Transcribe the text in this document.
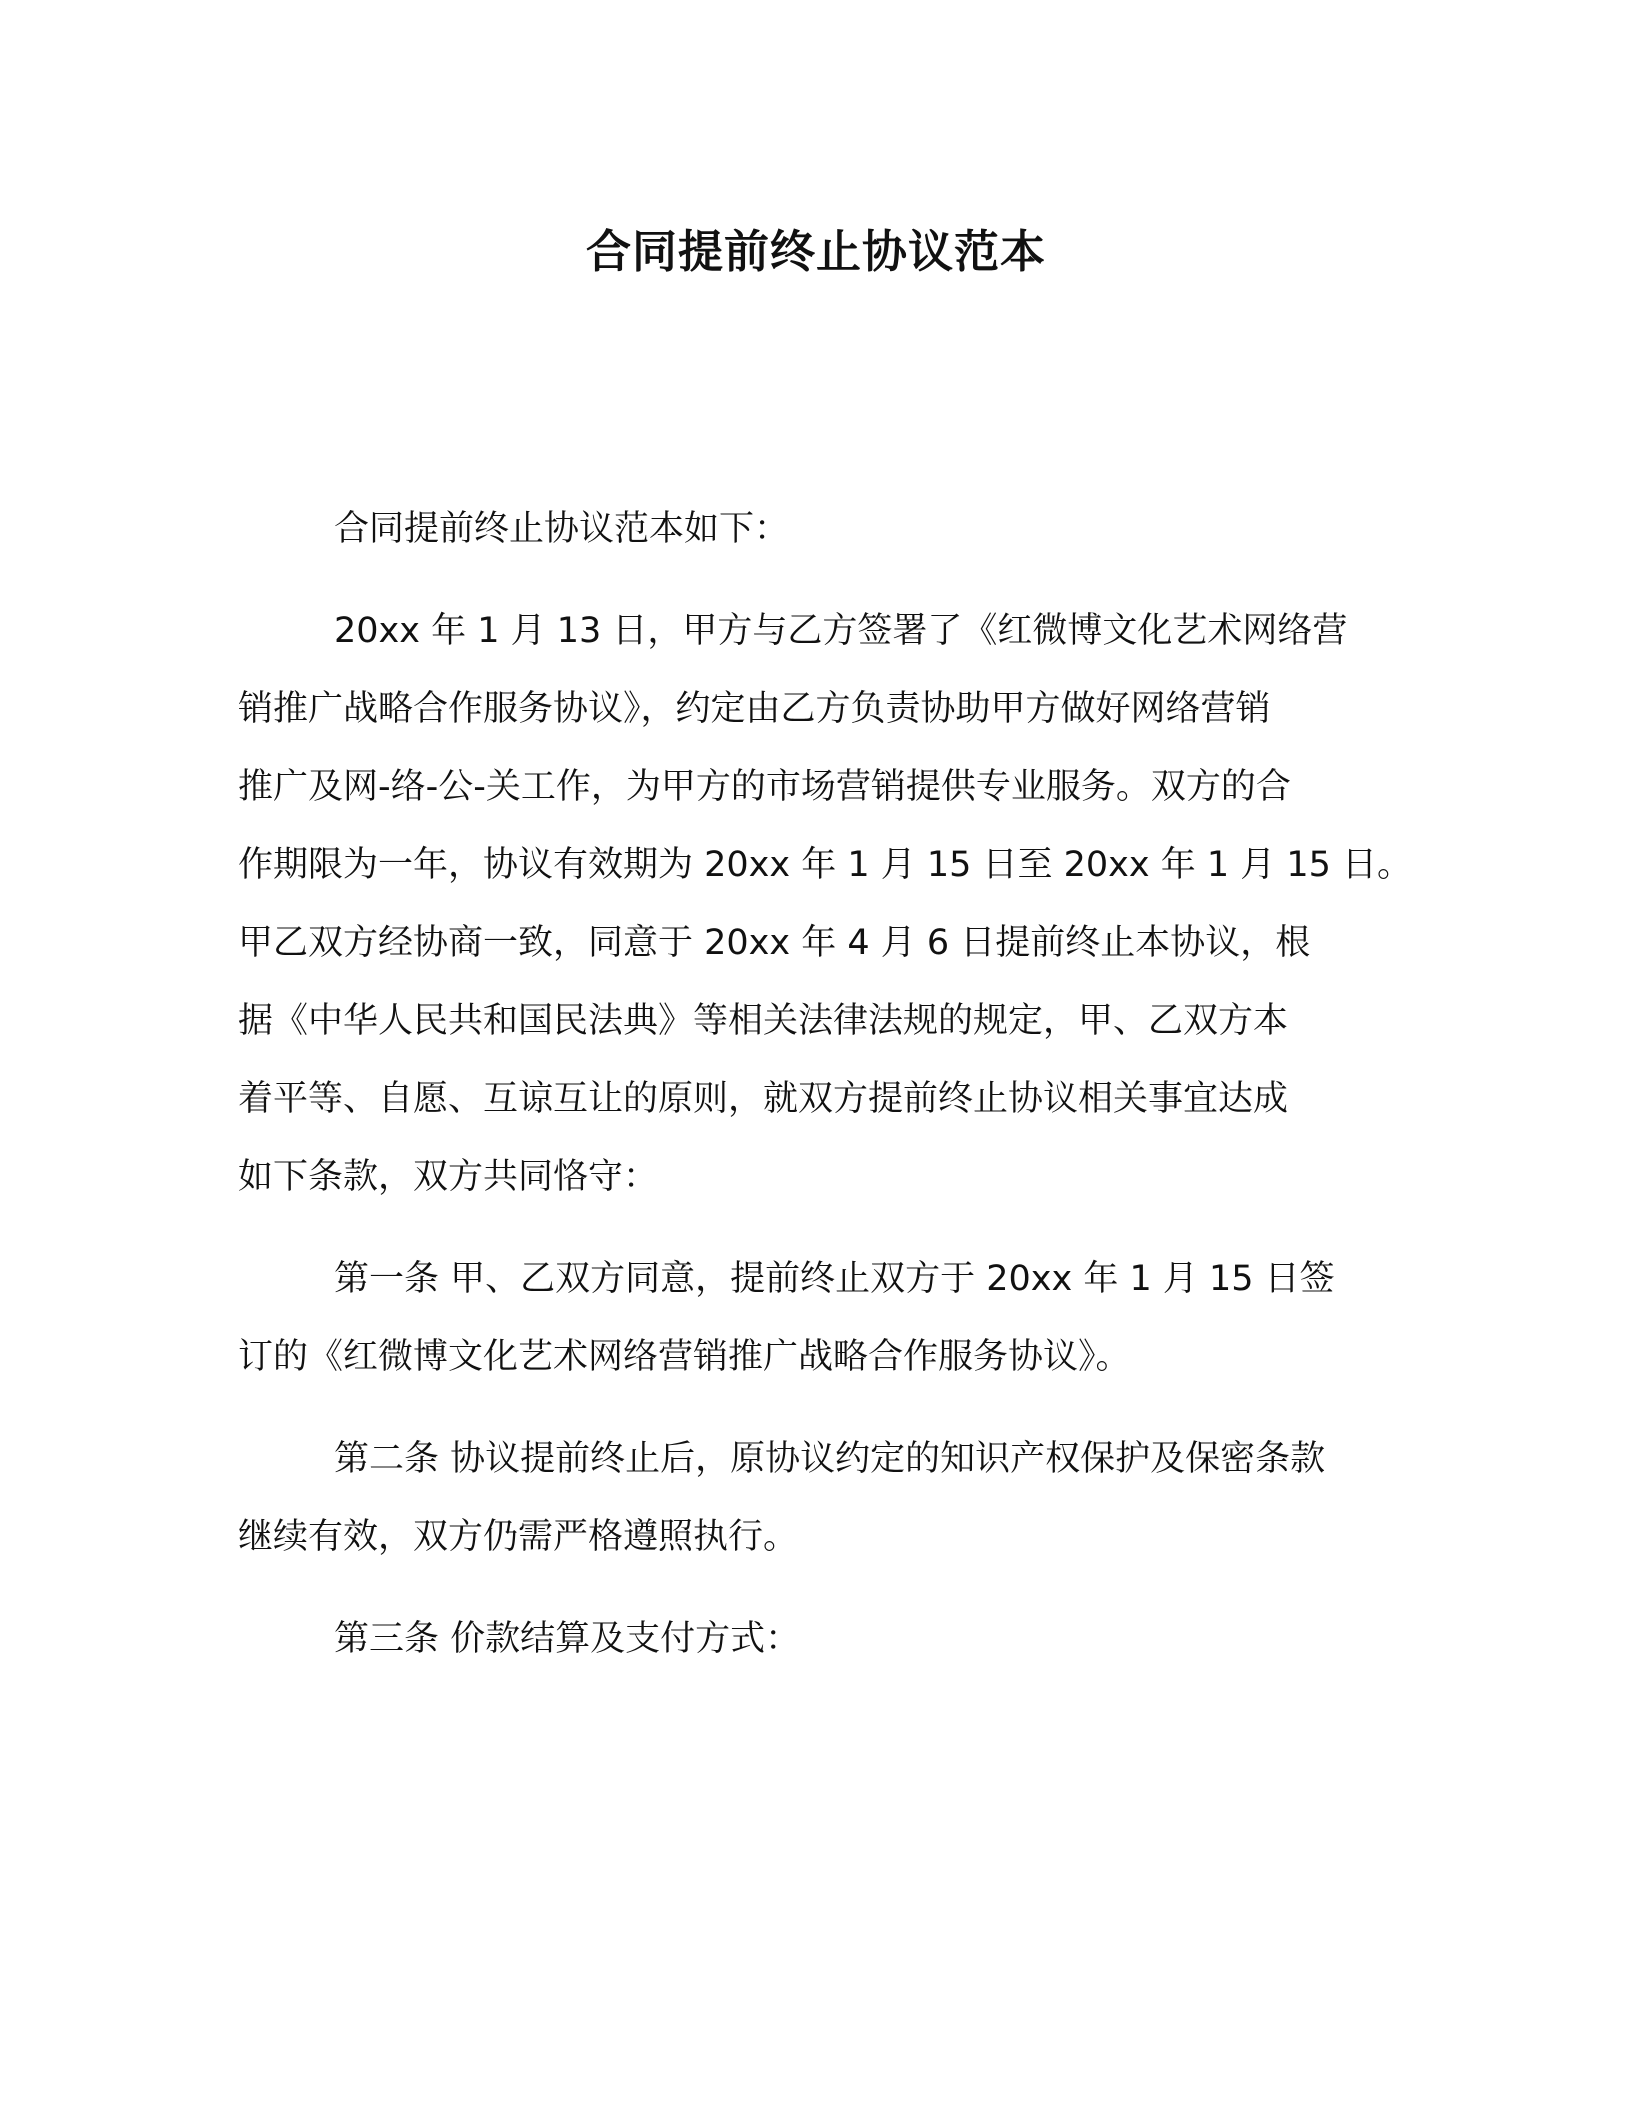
合同提前终止协议范本

合同提前终止协议范本如下：

20xx 年 1 月 13 日，甲方与乙方签署了《红微博文化艺术网络营
销推广战略合作服务协议》，约定由乙方负责协助甲方做好网络营销
推广及网-络-公-关工作，为甲方的市场营销提供专业服务。双方的合
作期限为一年，协议有效期为 20xx 年 1 月 15 日至 20xx 年 1 月 15 日。
甲乙双方经协商一致，同意于 20xx 年 4 月 6 日提前终止本协议，根
据《中华人民共和国民法典》等相关法律法规的规定，甲、乙双方本
着平等、自愿、互谅互让的原则，就双方提前终止协议相关事宜达成
如下条款，双方共同恪守：

第一条 甲、乙双方同意，提前终止双方于 20xx 年 1 月 15 日签
订的《红微博文化艺术网络营销推广战略合作服务协议》。

第二条 协议提前终止后，原协议约定的知识产权保护及保密条款
继续有效，双方仍需严格遵照执行。

第三条 价款结算及支付方式：
